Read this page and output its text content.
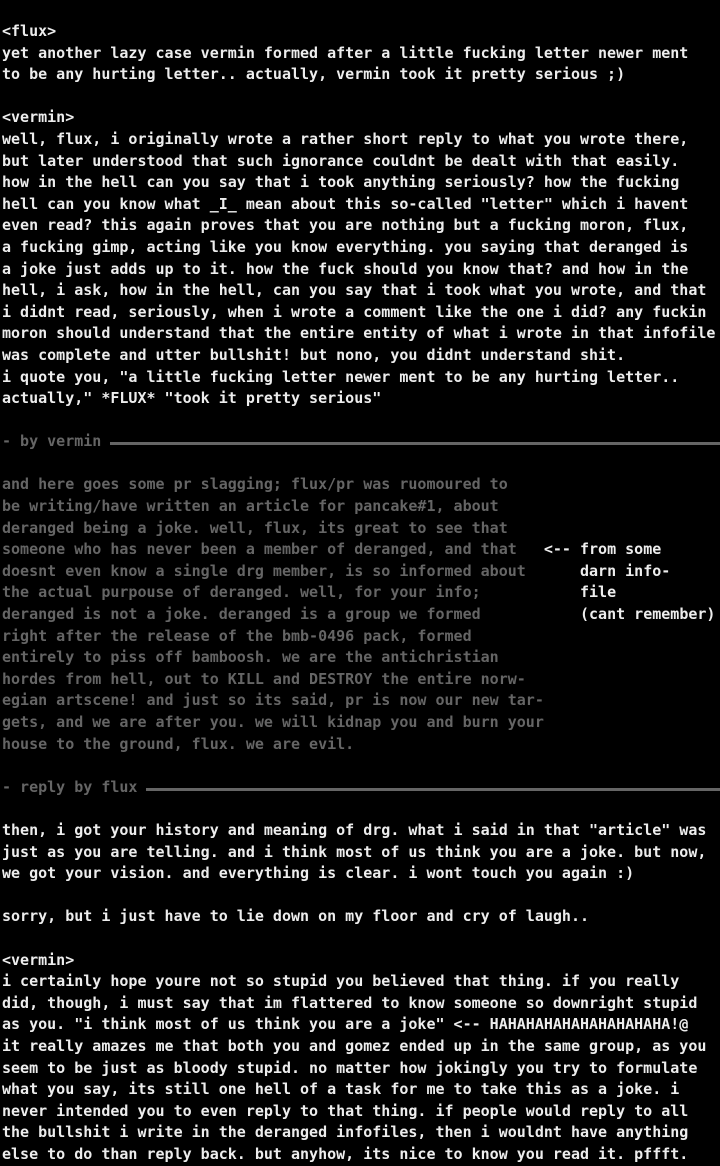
<flux>
yet another lazy case vermin formed after a little fucking letter newer ment
to be any hurting letter.. actually, vermin took it pretty serious ;)
<vermin>
well, flux, i originally wrote a rather short reply to what you wrote there,
but later understood that such ignorance couldnt be dealt with that easily.
how in the hell can you say that i took anything seriously? how the fucking
hell can you know what _I_ mean about this so-called "letter" which i havent
even read? this again proves that you are nothing but a fucking moron, flux,
a fucking gimp, acting like you know everything. you saying that deranged is
a joke just adds up to it. how the fuck should you know that? and how in the
hell, i ask, how in the hell, can you say that i took what you wrote, and that
i didnt read, seriously, when i wrote a comment like the one i did? any fuckin
moron should understand that the entire entity of what i wrote in that infofile
was complete and utter bullshit! but nono, you didnt understand shit.
i quote you, "a little fucking letter newer ment to be any hurting letter..
actually," *FLUX* "took it pretty serious"
- by vermin
and here goes some pr slagging; flux/pr was ruomoured to
be writing/have written an article for pancake#1, about
deranged being a joke. well, flux, its great to see that
someone who has never been a member of deranged, and that   <-- from some
doesnt even know a single drg member, is so informed about      darn info-
the actual purpouse of deranged. well, for your info;           file
deranged is not a joke. deranged is a group we formed           (cant remember)
right after the release of the bmb-0496 pack, formed
entirely to piss off bamboosh. we are the antichristian
hordes from hell, out to KILL and DESTROY the entire norw-
egian artscene! and just so its said, pr is now our new tar-
gets, and we are after you. we will kidnap you and burn your
house to the ground, flux. we are evil.
- reply by flux
then, i got your history and meaning of drg. what i said in that "article" was
just as you are telling. and i think most of us think you are a joke. but now,
we got your vision. and everything is clear. i wont touch you again :)
sorry, but i just have to lie down on my floor and cry of laugh..
<vermin>
i certainly hope youre not so stupid you believed that thing. if you really
did, though, i must say that im flattered to know someone so downright stupid
as you. "i think most of us think you are a joke" <-- HAHAHAHAHAHAHAHAHAHA!@
it really amazes me that both you and gomez ended up in the same group, as you
seem to be just as bloody stupid. no matter how jokingly you try to formulate
what you say, its still one hell of a task for me to take this as a joke. i
never intended you to even reply to that thing. if people would reply to all
the bullshit i write in the deranged infofiles, then i wouldnt have anything
else to do than reply back. but anyhow, its nice to know you read it. pffft.
